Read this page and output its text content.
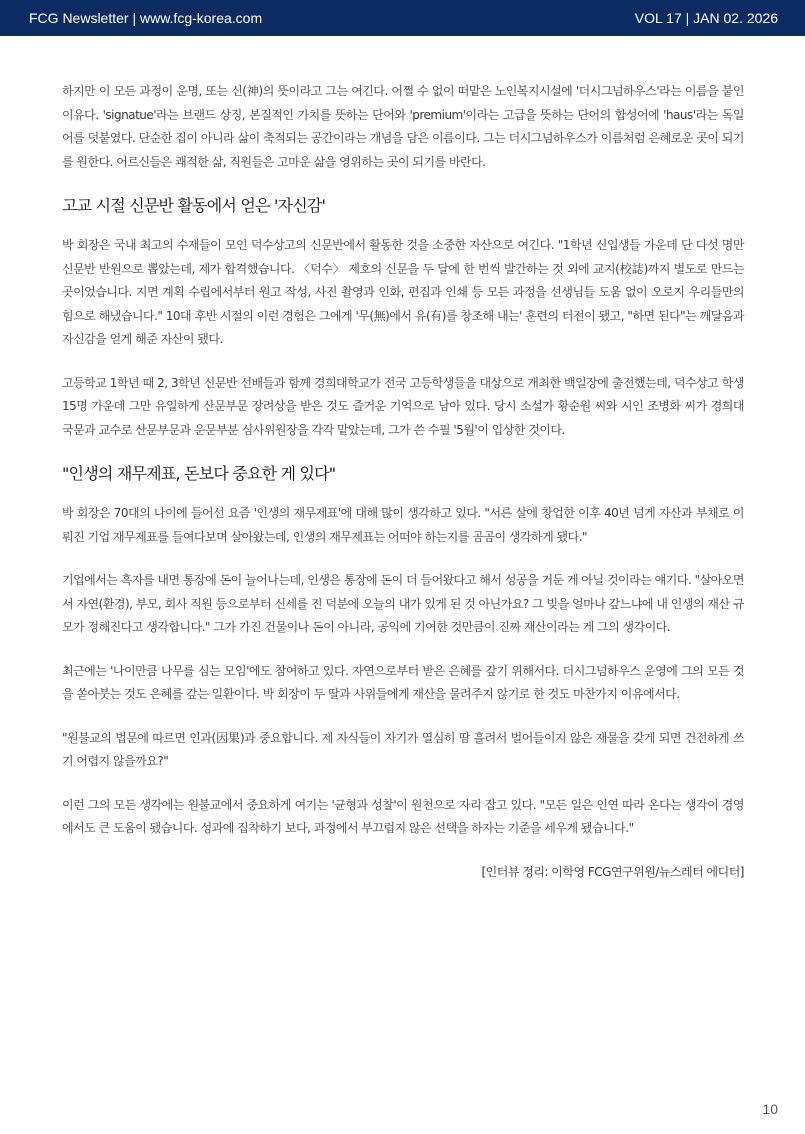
FCG Newsletter | www.fcg-korea.com	VOL 17 | JAN 02. 2026

하지만 이 모든 과정이 운명, 또는 신(神)의 뜻이라고 그는 여긴다. 어쩔 수 없이 떠맡은 노인복지시설에 '더시그넘하우스'라는 이름을 붙인 이유다. 'signatue'라는 브랜드 상징, 본질적인 가치를 뜻하는 단어와 'premium'이라는 고급을 뜻하는 단어의 합성어에 'haus'라는 독일어를 덧붙였다. 단순한 집이 아니라 삶이 축적되는 공간이라는 개념을 담은 이름이다. 그는 더시그넘하우스가 이름처럼 은혜로운 곳이 되기를 원한다. 어르신들은 쾌적한 삶, 직원들은 고마운 삶을 영위하는 곳이 되기를 바란다.

고교 시절 신문반 활동에서 얻은 '자신감'

박 회장은 국내 최고의 수재들이 모인 덕수상고의 신문반에서 활동한 것을 소중한 자산으로 여긴다. "1학년 신입생들 가운데 단 다섯 명만 신문반 반원으로 뽑았는데, 제가 합격했습니다. 〈덕수〉 제호의 신문을 두 달에 한 번씩 발간하는 것 외에 교지(校誌)까지 별도로 만드는 곳이었습니다. 지면 계획 수립에서부터 원고 작성, 사진 촬영과 인화, 편집과 인쇄 등 모든 과정을 선생님들 도움 없이 오로지 우리들만의 힘으로 해냈습니다." 10대 후반 시절의 이런 경험은 그에게 '무(無)에서 유(有)를 창조해 내는' 훈련의 터전이 됐고, "하면 된다"는 깨달음과 자신감을 얻게 해준 자산이 됐다.

고등학교 1학년 때 2, 3학년 신문반 선배들과 함께 경희대학교가 전국 고등학생들을 대상으로 개최한 백일장에 출전했는데, 덕수상고 학생 15명 가운데 그만 유일하게 산문부문 장려상을 받은 것도 즐거운 기억으로 남아 있다. 당시 소설가 황순원 씨와 시인 조병화 씨가 경희대 국문과 교수로 산문부문과 운문부분 심사위원장을 각각 맡았는데, 그가 쓴 수필 '5월'이 입상한 것이다.

"인생의 재무제표, 돈보다 중요한 게 있다"

박 회장은 70대의 나이에 들어선 요즘 '인생의 재무제표'에 대해 많이 생각하고 있다. "서른 살에 창업한 이후 40년 넘게 자산과 부채로 이뤄진 기업 재무제표를 들여다보며 살아왔는데, 인생의 재무제표는 어떠야 하는지를 곰곰이 생각하게 됐다."

기업에서는 흑자를 내면 통장에 돈이 늘어나는데, 인생은 통장에 돈이 더 들어왔다고 해서 성공을 거둔 게 아닐 것이라는 얘기다. "살아오면서 자연(환경), 부모, 회사 직원 등으로부터 신세를 진 덕분에 오늘의 내가 있게 된 것 아닌가요? 그 빚을 얼마나 갚느냐에 내 인생의 재산 규모가 정해진다고 생각합니다." 그가 가진 건물이나 돈이 아니라, 공익에 기여한 것만큼이 진짜 재산이라는 게 그의 생각이다.

최근에는 '나이만큼 나무를 심는 모임'에도 참여하고 있다. 자연으로부터 받은 은혜를 갚기 위해서다. 더시그넘하우스 운영에 그의 모든 것을 쏟아붓는 것도 은혜를 갚는 일환이다. 박 회장이 두 딸과 사위들에게 재산을 물려주지 않기로 한 것도 마찬가지 이유에서다.

"원불교의 법문에 따르면 인과(因果)과 중요합니다. 제 자식들이 자기가 열심히 땀 흘려서 벌어들이지 않은 재물을 갖게 되면 건전하게 쓰기 어렵지 않을까요?"

이런 그의 모든 생각에는 원불교에서 중요하게 여기는 '균형과 성찰'이 원천으로 자리 잡고 있다. "모든 일은 인연 따라 온다는 생각이 경영에서도 큰 도움이 됐습니다. 성과에 집착하기 보다, 과정에서 부끄럽지 않은 선택을 하자는 기준을 세우게 됐습니다."

[인터뷰 정리: 이학영 FCG연구위원/뉴스레터 에디터]
10
